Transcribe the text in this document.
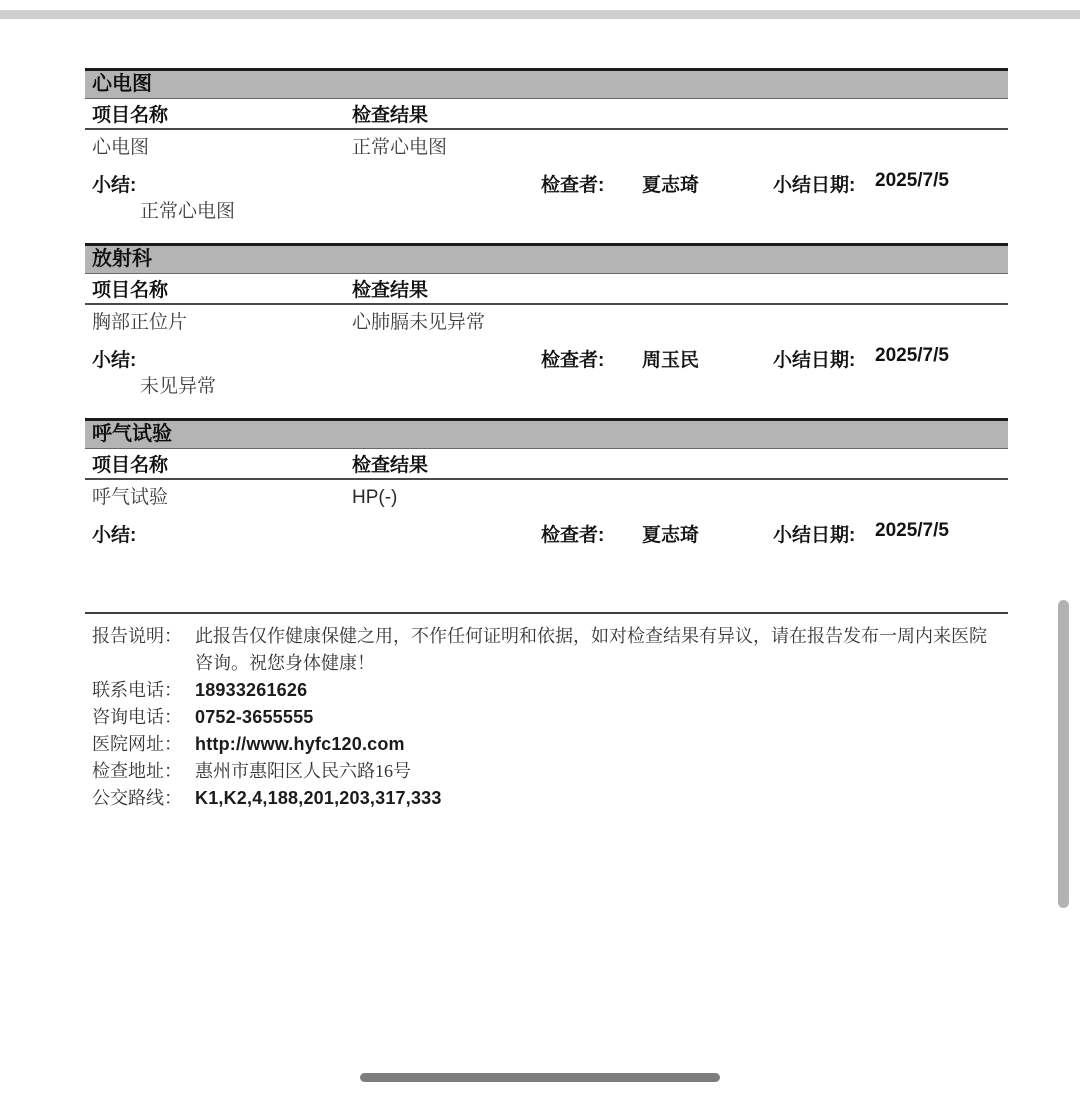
心电图
项目名称	检查结果
心电图	正常心电图
小结:	检查者: 夏志琦	小结日期: 2025/7/5
正常心电图
放射科
项目名称	检查结果
胸部正位片	心肺膈未见异常
小结:	检查者: 周玉民	小结日期: 2025/7/5
未见异常
呼气试验
项目名称	检查结果
呼气试验	HP(-)
小结:	检查者: 夏志琦	小结日期: 2025/7/5
报告说明： 此报告仅作健康保健之用，不作任何证明和依据，如对检查结果有异议，请在报告发布一周内来医院咨询。祝您身体健康！
联系电话： 18933261626
咨询电话： 0752-3655555
医院网址： http://www.hyfc120.com
检查地址： 惠州市惠阳区人民六路16号
公交路线： K1,K2,4,188,201,203,317,333
